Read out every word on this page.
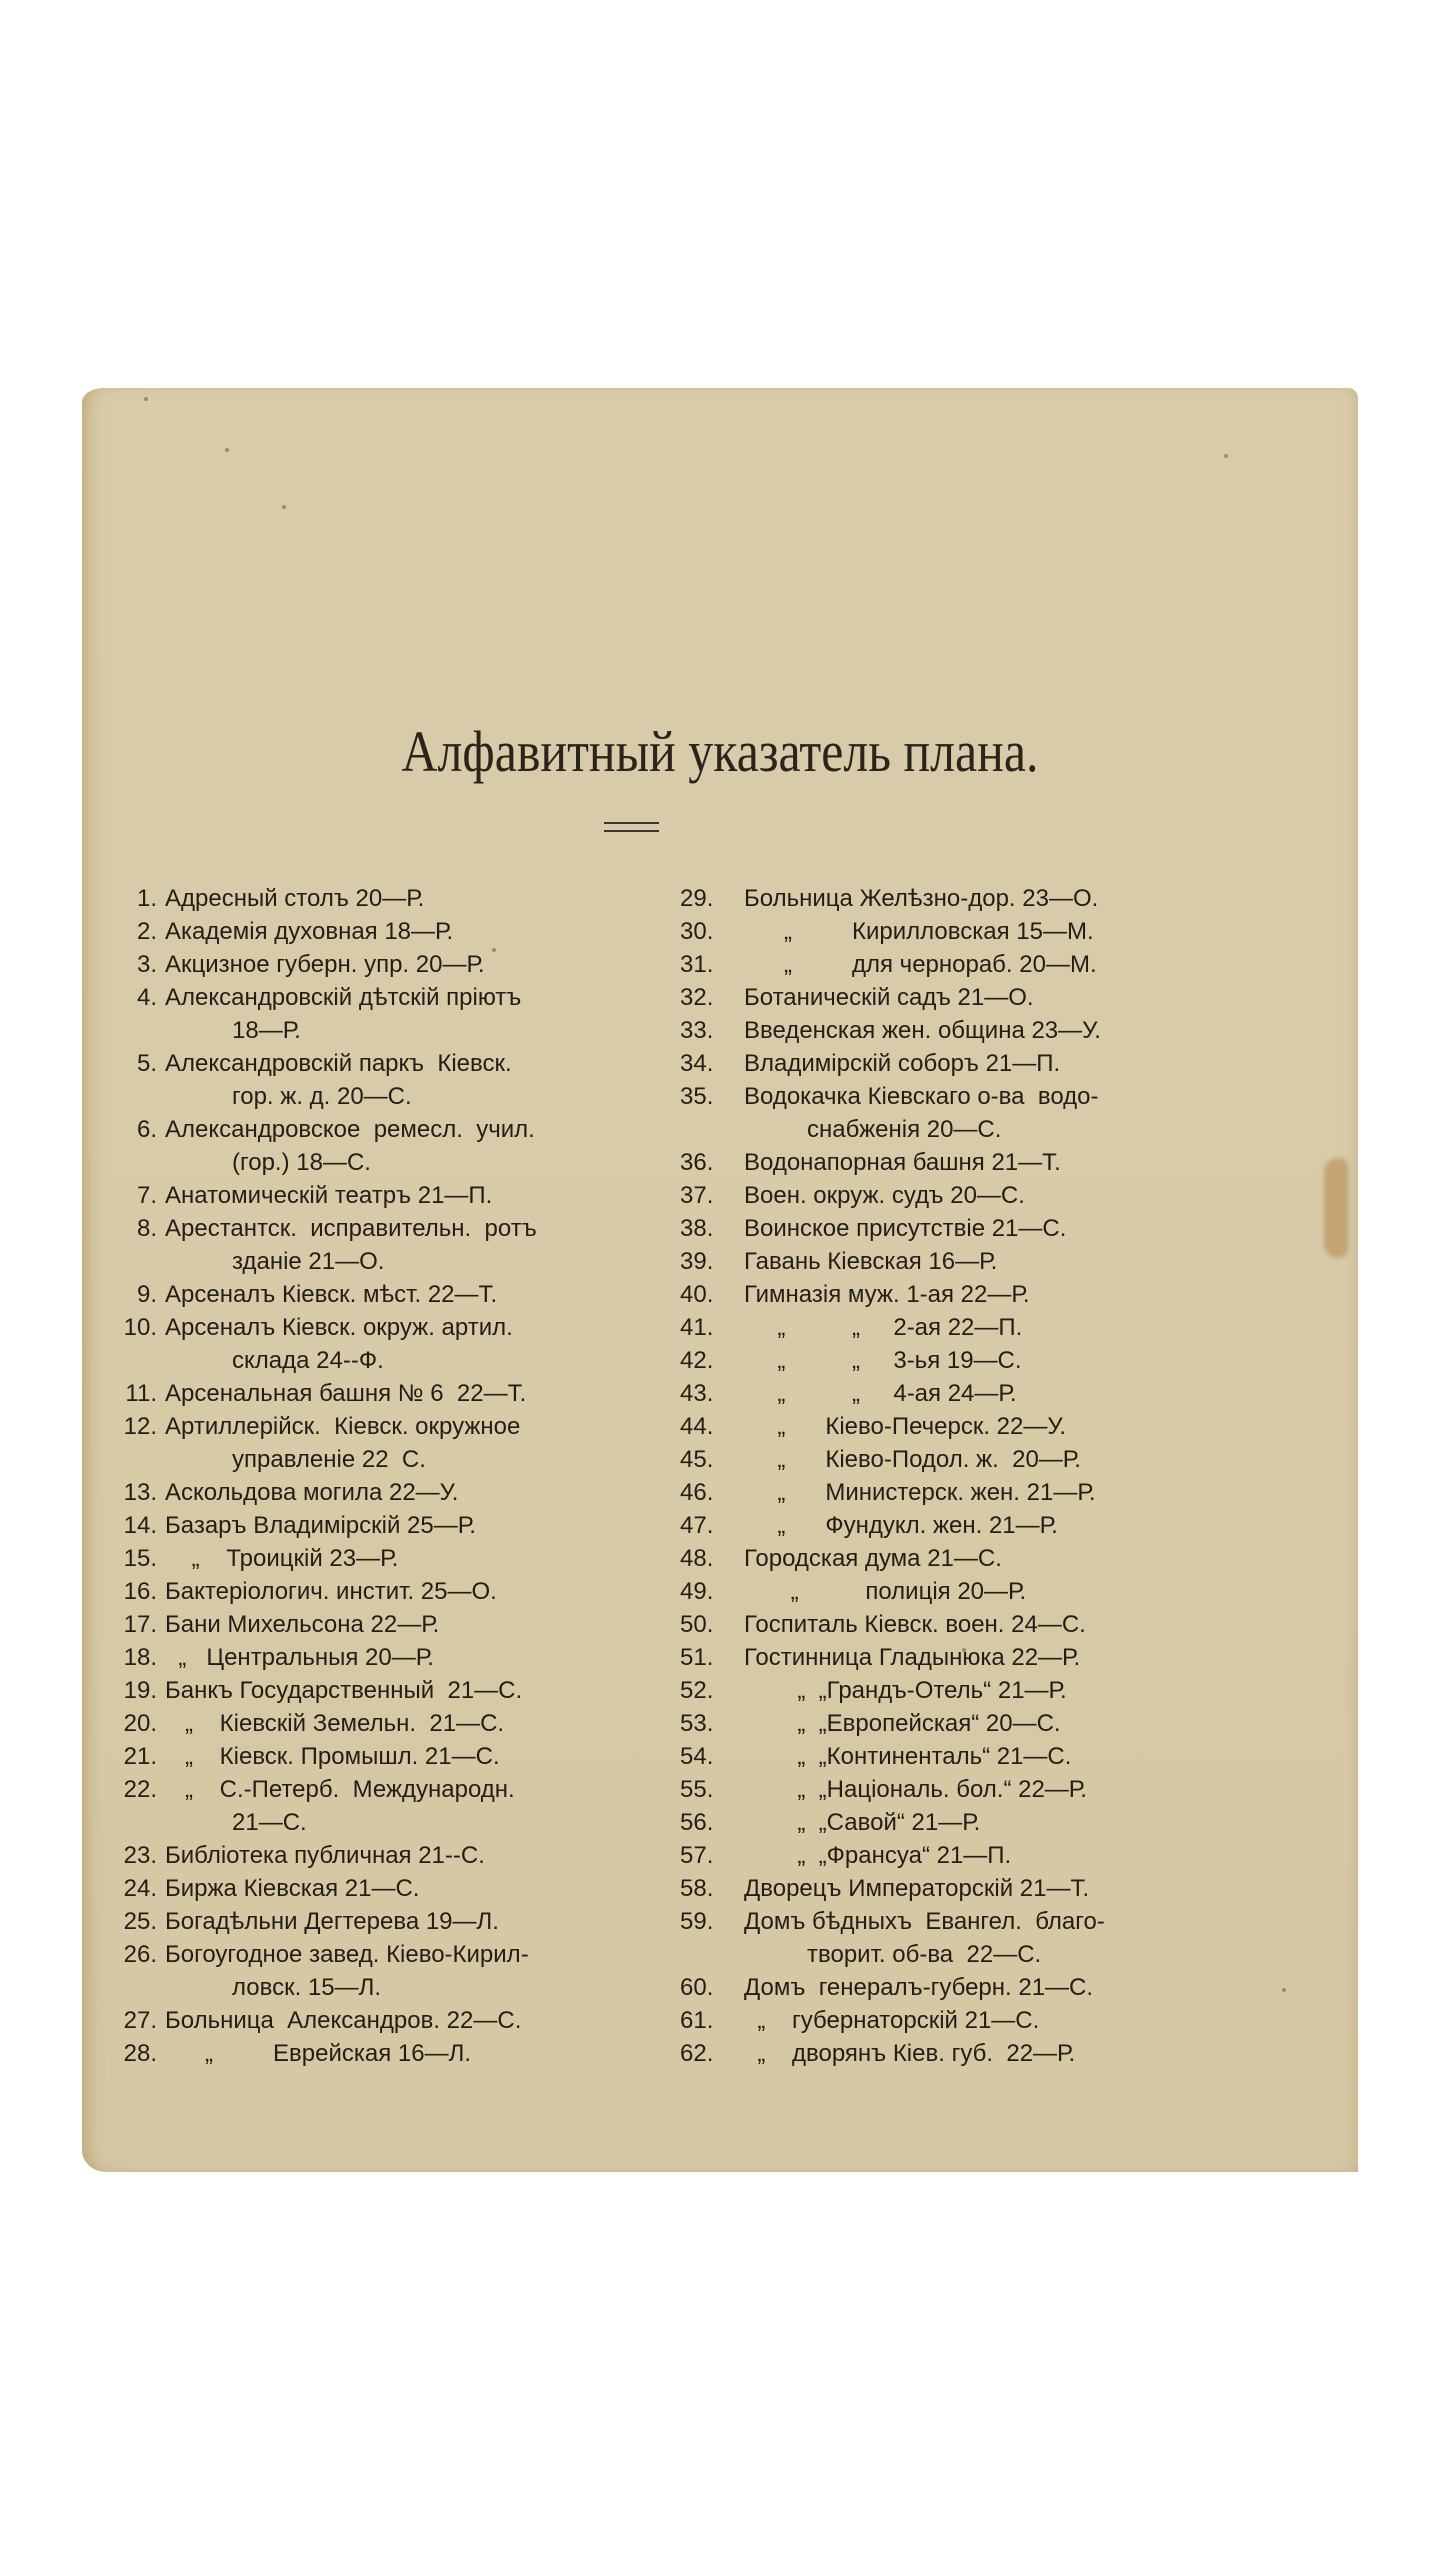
Алфавитный указатель плана.
1. Адресный столъ 20—Р.
2. Академія духовная 18—Р.
3. Акцизное губерн. упр. 20—Р.
4. Александровскій дѣтскій пріютъ
18—Р.
5. Александровскій паркъ  Кіевск.
гор. ж. д. 20—С.
6. Александровское  ремесл.  учил.
(гор.) 18—С.
7. Анатомическій театръ 21—П.
8. Арестантск.  исправительн.  ротъ
зданіе 21—О.
9. Арсеналъ Кіевск. мѣст. 22—Т.
10. Арсеналъ Кіевск. окруж. артил.
склада 24--Ф.
11. Арсенальная башня № 6  22—Т.
12. Артиллерійск.  Кіевск. окружное
управленіе 22  С.
13. Аскольдова могила 22—У.
14. Базаръ Владимірскій 25—Р.
15. „    Троицкій 23—Р.
16. Бактеріологич. инстит. 25—О.
17. Бани Михельсона 22—Р.
18. „   Центральныя 20—Р.
19. Банкъ Государственный  21—С.
20. „    Кіевскій Земельн.  21—С.
21. „    Кіевск. Промышл. 21—С.
22. „    С.-Петерб.  Международн.
21—С.
23. Библіотека публичная 21--С.
24. Биржа Кіевская 21—С.
25. Богадѣльни Дегтерева 19—Л.
26. Богоугодное завед. Кіево-Кирил-
ловск. 15—Л.
27. Больница  Александров. 22—С.
28. „         Еврейская 16—Л.
29.	Больница Желѣзно-дор. 23—О.
30.	„         Кирилловская 15—М.
31.	„         для чернораб. 20—М.
32.	Ботаническій садъ 21—О.
33.	Введенская жен. община 23—У.
34.	Владимірскій соборъ 21—П.
35.	Водокачка Кіевскаго о-ва  водо-
снабженія 20—С.
36.	Водонапорная башня 21—Т.
37.	Воен. окруж. судъ 20—С.
38.	Воинское присутствіе 21—С.
39.	Гавань Кіевская 16—Р.
40.	Гимназія муж. 1-ая 22—Р.
41.	„          „     2-ая 22—П.
42.	„          „     3-ья 19—С.
43.	„          „     4-ая 24—Р.
44.	„      Кіево-Печерск. 22—У.
45.	„      Кіево-Подол. ж.  20—Р.
46.	„      Министерск. жен. 21—Р.
47.	„      Фундукл. жен. 21—Р.
48.	Городская дума 21—С.
49.	„          полиція 20—Р.
50.	Госпиталь Кіевск. воен. 24—С.
51.	Гостинница Гладынюка 22—Р.
52.	„  „Грандъ-Отель“ 21—Р.
53.	„  „Европейская“ 20—С.
54.	„  „Континенталь“ 21—С.
55.	„  „Національ. бол.“ 22—Р.
56.	„  „Савой“ 21—Р.
57.	„  „Франсуа“ 21—П.
58.	Дворецъ Императорскій 21—Т.
59.	Домъ бѣдныхъ  Евангел.  благо-
творит. об-ва  22—С.
60.	Домъ  генералъ-губерн. 21—С.
61.	„    губернаторскій 21—С.
62.	„    дворянъ Кіев. губ.  22—Р.
